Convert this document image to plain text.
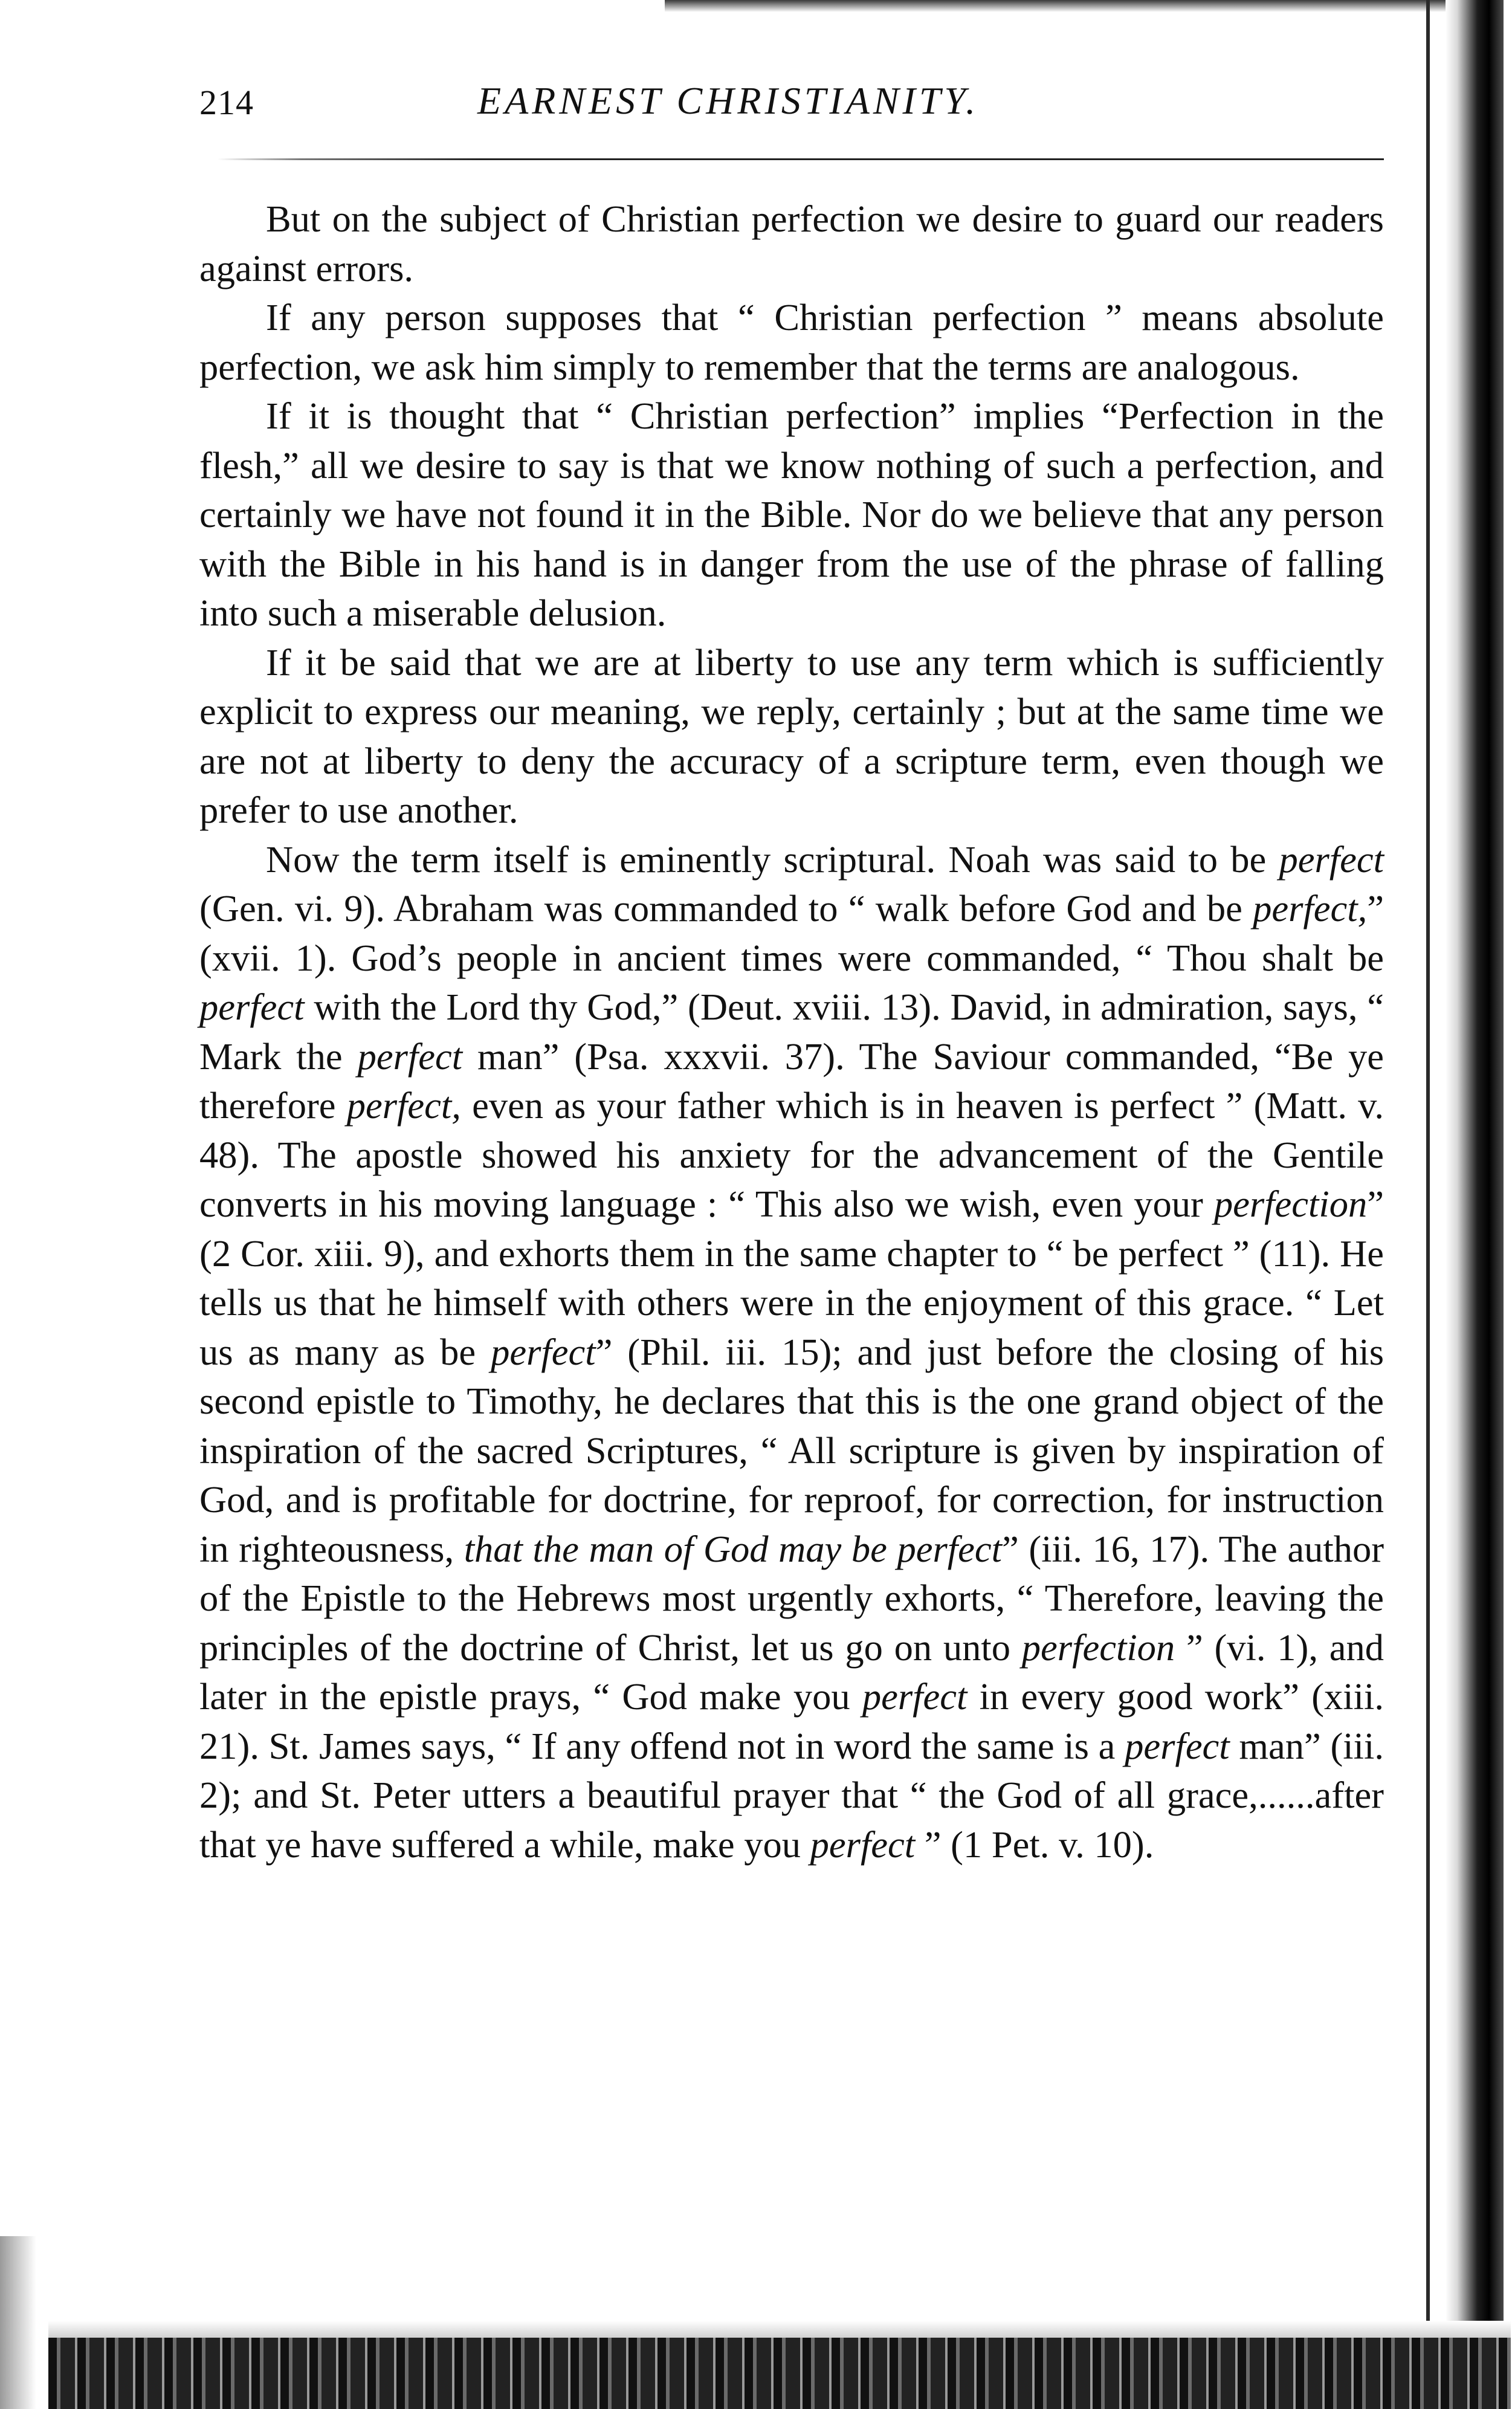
214	EARNEST CHRISTIANITY.

But on the subject of Christian perfection we desire to guard our readers against errors.

If any person supposes that “ Christian perfection ” means absolute perfection, we ask him simply to remember that the terms are analogous.

If it is thought that “ Christian perfection” implies “Perfection in the flesh,” all we desire to say is that we know nothing of such a perfection, and certainly we have not found it in the Bible. Nor do we believe that any person with the Bible in his hand is in danger from the use of the phrase of falling into such a miserable delusion.

If it be said that we are at liberty to use any term which is sufficiently explicit to express our meaning, we reply, certainly ; but at the same time we are not at liberty to deny the accuracy of a scripture term, even though we prefer to use another.

Now the term itself is eminently scriptural. Noah was said to be perfect (Gen. vi. 9). Abraham was commanded to “ walk before God and be perfect,” (xvii. 1). God’s people in ancient times were commanded, “ Thou shalt be perfect with the Lord thy God,” (Deut. xviii. 13). David, in admiration, says, “ Mark the perfect man” (Psa. xxxvii. 37). The Saviour commanded, “Be ye therefore perfect, even as your father which is in heaven is perfect ” (Matt. v. 48). The apostle showed his anxiety for the advancement of the Gentile converts in his moving language : “ This also we wish, even your perfection” (2 Cor. xiii. 9), and exhorts them in the same chapter to “ be perfect ” (11). He tells us that he himself with others were in the enjoyment of this grace. “ Let us as many as be perfect” (Phil. iii. 15); and just before the closing of his second epistle to Timothy, he declares that this is the one grand object of the inspiration of the sacred Scriptures, “ All scripture is given by inspiration of God, and is profitable for doctrine, for reproof, for correction, for instruction in righteousness, that the man of God may be perfect” (iii. 16, 17). The author of the Epistle to the Hebrews most urgently exhorts, “ Therefore, leaving the principles of the doctrine of Christ, let us go on unto perfection ” (vi. 1), and later in the epistle prays, “ God make you perfect in every good work” (xiii. 21). St. James says, “ If any offend not in word the same is a perfect man” (iii. 2); and St. Peter utters a beautiful prayer that “ the God of all grace,......after that ye have suffered a while, make you perfect ” (1 Pet. v. 10).
